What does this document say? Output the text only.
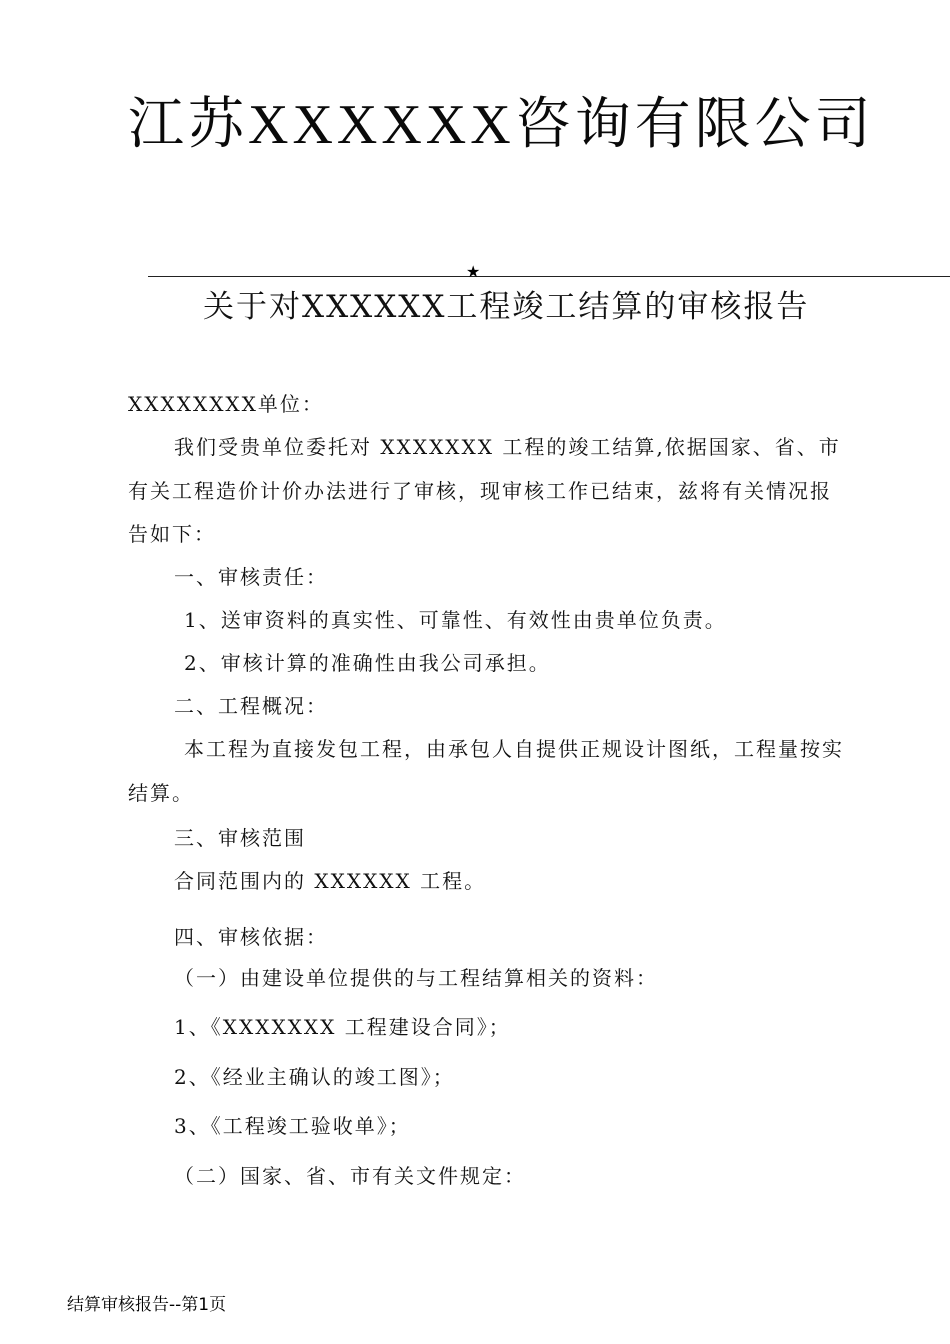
江苏XXXXXX咨询有限公司
★
关于对XXXXXX工程竣工结算的审核报告
XXXXXXXX单位：
我们受贵单位委托对 XXXXXXX 工程的竣工结算,依据国家、省、市
有关工程造价计价办法进行了审核，现审核工作已结束，兹将有关情况报
告如下：
一、审核责任：
1、送审资料的真实性、可靠性、有效性由贵单位负责。
2、审核计算的准确性由我公司承担。
二、工程概况：
本工程为直接发包工程，由承包人自提供正规设计图纸，工程量按实
结算。
三、审核范围
合同范围内的 XXXXXX 工程。
四、审核依据：
（一）由建设单位提供的与工程结算相关的资料：
1、《XXXXXXX 工程建设合同》；
2、《经业主确认的竣工图》；
3、《工程竣工验收单》；
（二）国家、省、市有关文件规定：
结算审核报告--第1页
